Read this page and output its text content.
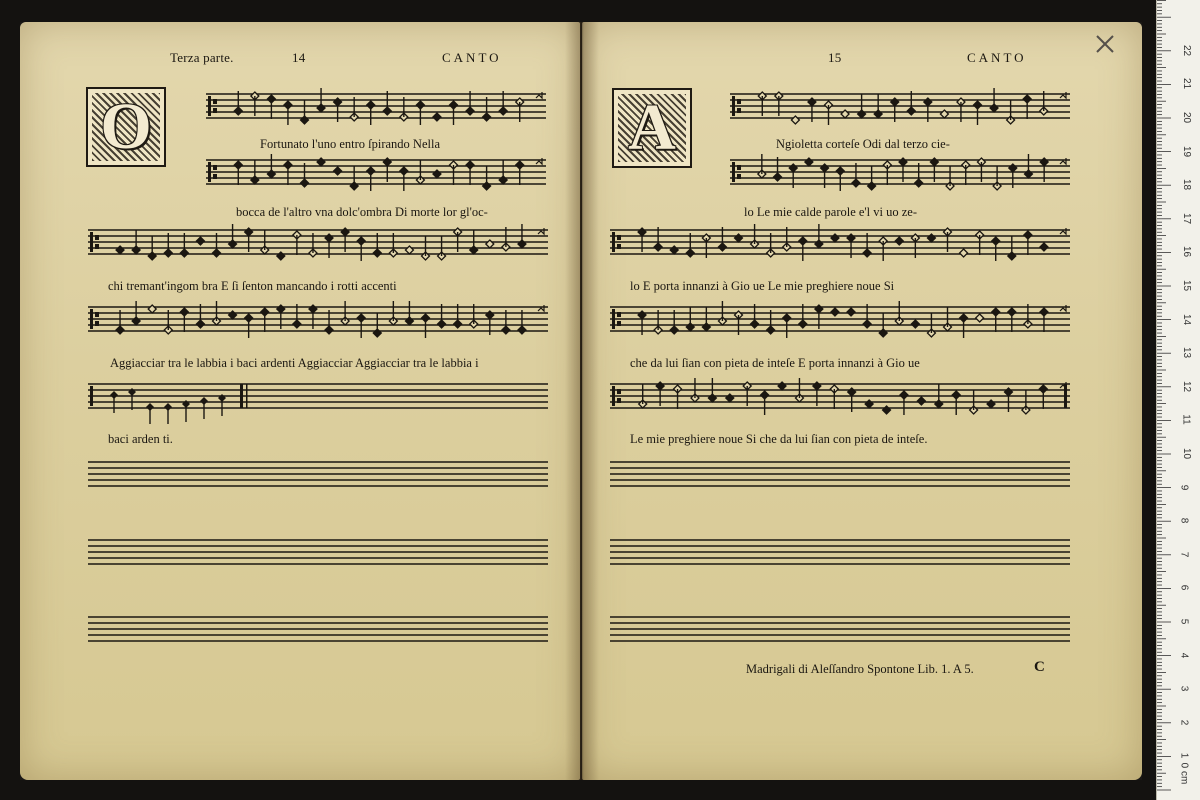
Terza parte.	14	CANTO
O	Fortunato l'uno entro ſpirando Nella
bocca de l'altro vna dolc'ombra Di morte lor gl'oc-
chi tremant'ingom bra E ſi ſenton mancando i rotti accenti
Aggiacciar tra le labbia i baci ardenti Aggiacciar Aggiacciar tra le labbia i
baci arden ti.
15	CANTO
A	Ngioletta corteſe Odi dal terzo cie-
lo Le mie calde parole e'l vi uo ze-
lo E porta innanzi à Gio ue Le mie preghiere noue Si
che da lui ſian con pieta de inteſe E porta innanzi à Gio ue
Le mie preghiere noue Si che da lui ſian con pieta de inteſe.
Madrigali di Aleſſandro Spontone Lib. 1. A 5.	C
0 cm
1
2
3
4
5
6
7
8
9
10
11
12
13
14
15
16
17
18
19
20
21
22
